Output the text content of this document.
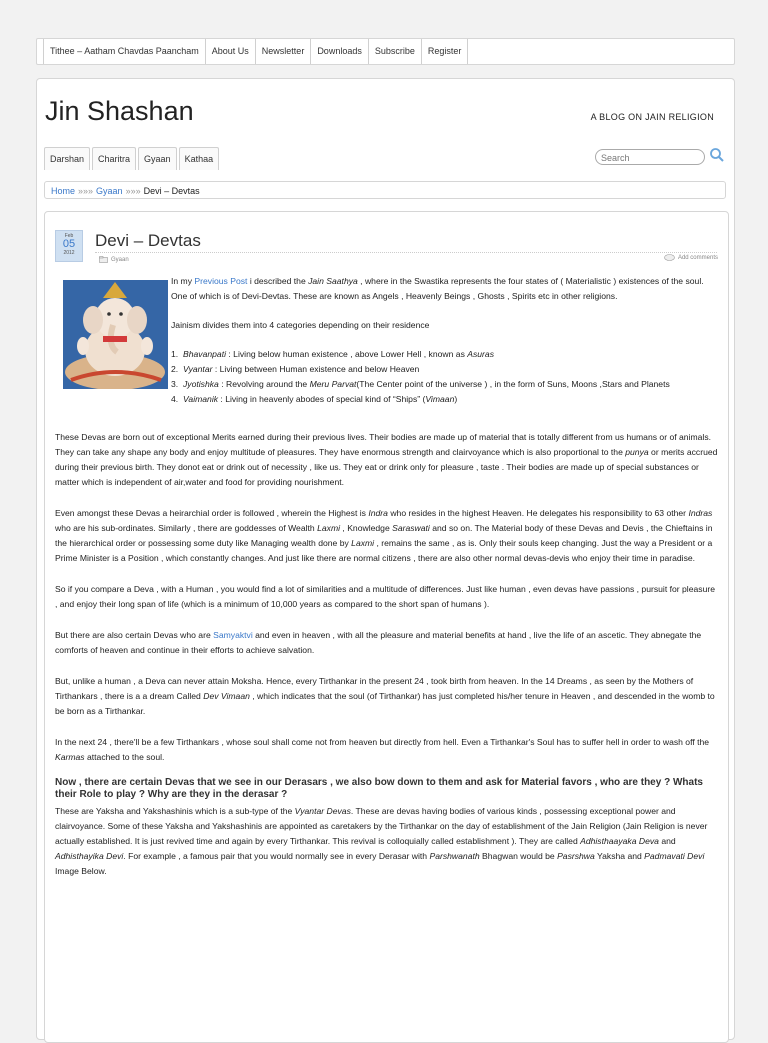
Tithee – Aatham Chavdas Paancham	About Us	Newsletter	Downloads	Subscribe	Register
Jin Shashan	A BLOG ON JAIN RELIGION
Darshan	Charitra	Gyaan	Kathaa	Search
Home »»» Gyaan »»» Devi – Devtas
Feb
05
2012
Devi – Devtas
Gyaan	Add comments

In my Previous Post i described the Jain Saathya , where in the Swastika represents the four states of ( Materialistic ) existences of the soul. One of which is of Devi-Devtas. These are known as Angels , Heavenly Beings , Ghosts , Spirits etc in other religions.

Jainism divides them into 4 categories depending on their residence

1. Bhavanpati : Living below human existence , above Lower Hell , known as Asuras
2. Vyantar : Living between Human existence and below Heaven
3. Jyotishka : Revolving around the Meru Parvat(The Center point of the universe ) , in the form of Suns, Moons ,Stars and Planets
4. Vaimanik : Living in heavenly abodes of special kind of “Ships” (Vimaan)

These Devas are born out of exceptional Merits earned during their previous lives. Their bodies are made up of material that is totally different from us humans or of animals. They can take any shape any body and enjoy multitude of pleasures. They have enormous strength and clairvoyance which is also proportional to the punya or merits accrued during their previous birth. They donot eat or drink out of necessity , like us. They eat or drink only for pleasure , taste . Their bodies are made up of special substances or matter which is independent of air,water and food for providing nourishment.

Even amongst these Devas a heirarchial order is followed , wherein the Highest is Indra who resides in the highest Heaven. He delegates his responsibility to 63 other Indras who are his sub-ordinates. Similarly , there are goddesses of Wealth Laxmi , Knowledge Saraswati and so on. The Material body of these Devas and Devis , the Chieftains in the hierarchical order or possessing some duty like Managing wealth done by Laxmi , remains the same , as is. Only their souls keep changing. Just the way a President or a Prime Minister is a Position , which constantly changes. And just like there are normal citizens , there are also other normal devas-devis who enjoy their time in paradise.

So if you compare a Deva , with a Human , you would find a lot of similarities and a multitude of differences. Just like human , even devas have passions , pursuit for pleasure , and enjoy their long span of life (which is a minimum of 10,000 years as compared to the short span of humans ).

But there are also certain Devas who are Samyaktvi and even in heaven , with all the pleasure and material benefits at hand , live the life of an ascetic. They abnegate the comforts of heaven and continue in their efforts to achieve salvation.

But, unlike a human , a Deva can never attain Moksha. Hence, every Tirthankar in the present 24 , took birth from heaven. In the 14 Dreams , as seen by the Mothers of Tirthankars , there is a a dream Called Dev Vimaan , which indicates that the soul (of Tirthankar) has just completed his/her tenure in Heaven , and descended in the womb to be born as a Tirthankar.

In the next 24 , there'll be a few Tirthankars , whose soul shall come not from heaven but directly from hell. Even a Tirthankar's Soul has to suffer hell in order to wash off the Karmas attached to the soul.

Now , there are certain Devas that we see in our Derasars , we also bow down to them and ask for Material favors , who are they ? Whats their Role to play ? Why are they in the derasar ?

These are Yaksha and Yakshashinis which is a sub-type of the Vyantar Devas. These are devas having bodies of various kinds , possessing exceptional power and clairvoyance. Some of these Yaksha and Yakshashinis are appointed as caretakers by the Tirthankar on the day of establishment of the Jain Religion (Jain Religion is never actually established. It is just revived time and again by every Tirthankar. This revival is colloquially called establishment ). They are called Adhisthaayaka Deva and Adhisthayika Devi. For example , a famous pair that you would normally see in every Derasar with Parshwanath Bhagwan would be Pasrshwa Yaksha and Padmavati Devi Image Below.
